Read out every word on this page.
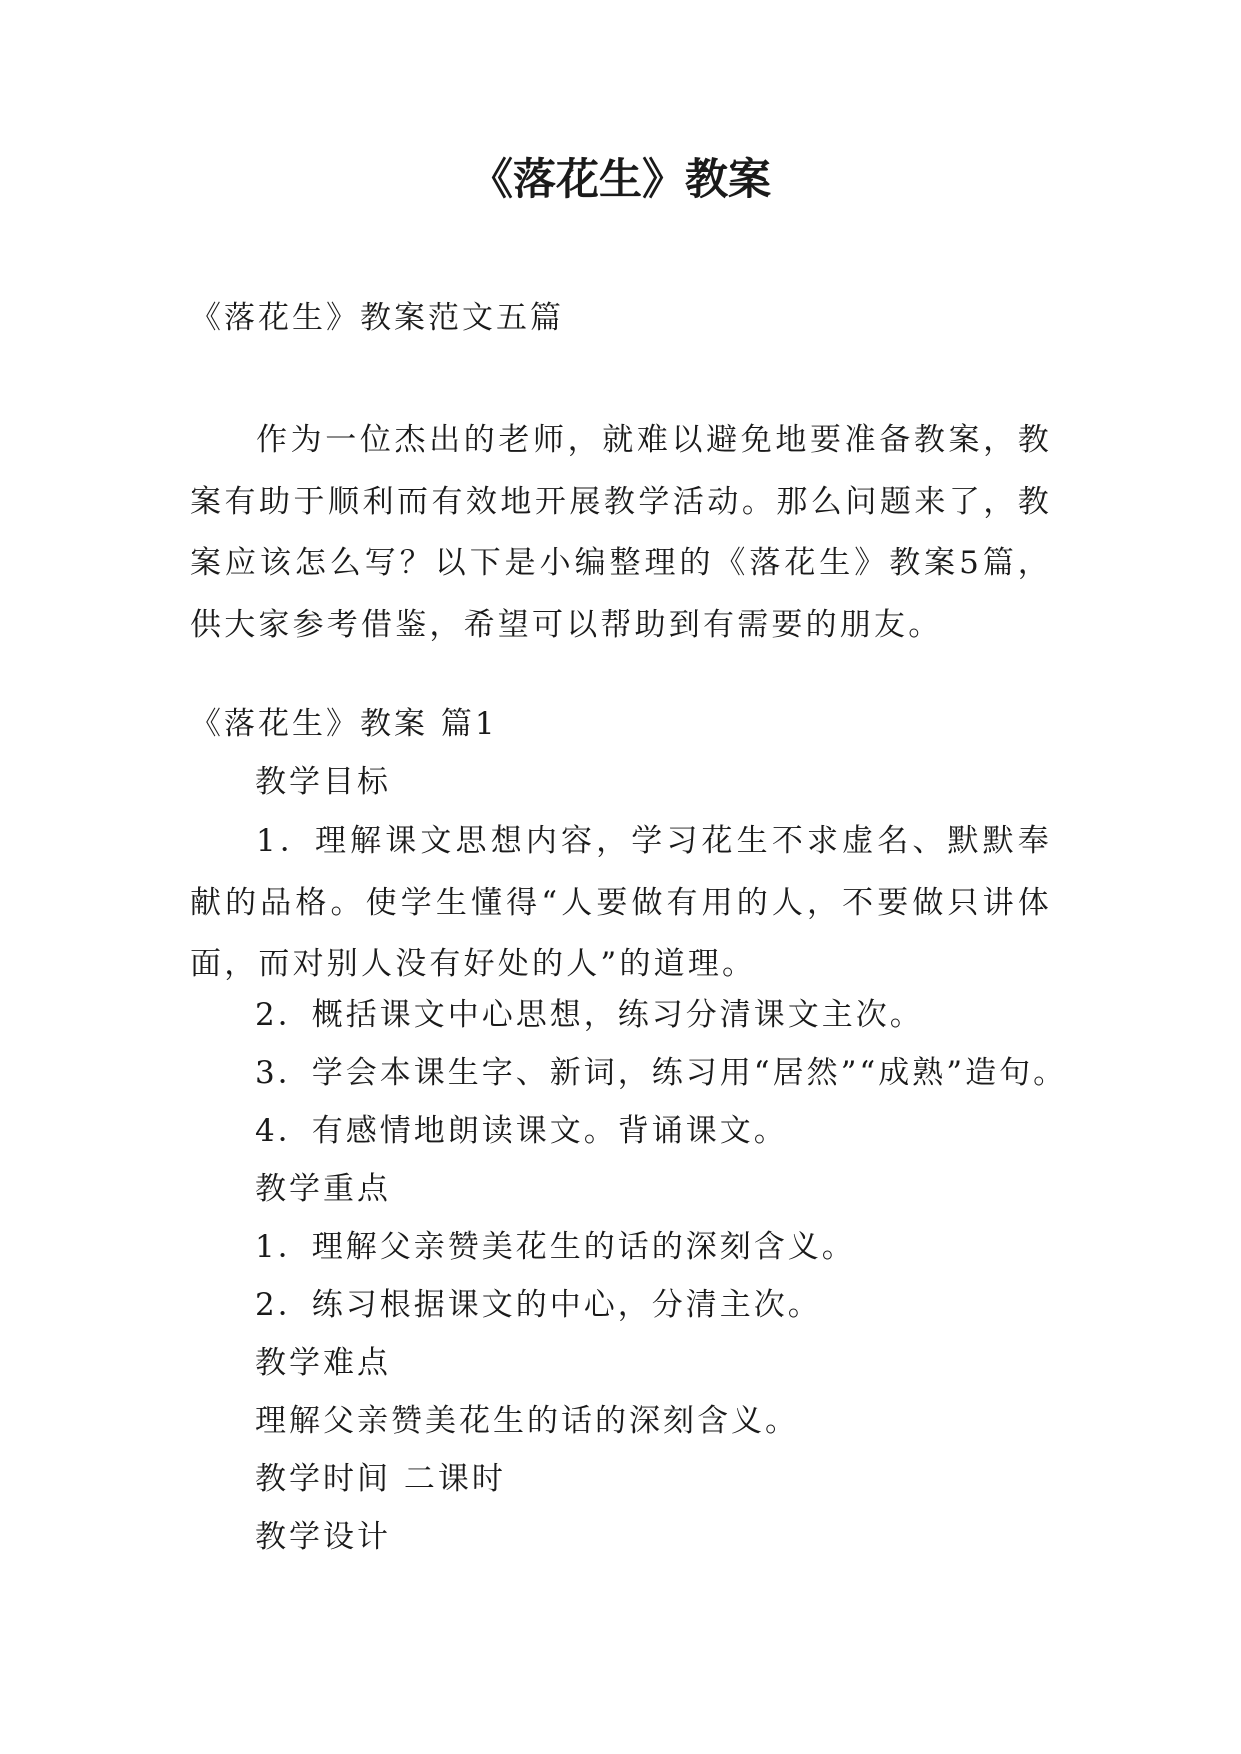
《落花生》教案
《落花生》教案范文五篇
作为一位杰出的老师，就难以避免地要准备教案，教案有助于顺利而有效地开展教学活动。那么问题来了，教案应该怎么写？以下是小编整理的《落花生》教案5篇，供大家参考借鉴，希望可以帮助到有需要的朋友。
《落花生》教案 篇1
教学目标
1．理解课文思想内容，学习花生不求虚名、默默奉献的品格。使学生懂得“人要做有用的人，不要做只讲体面，而对别人没有好处的人”的道理。
2．概括课文中心思想，练习分清课文主次。
3．学会本课生字、新词，练习用“居然”“成熟”造句。
4．有感情地朗读课文。背诵课文。
教学重点
1．理解父亲赞美花生的话的深刻含义。
2．练习根据课文的中心，分清主次。
教学难点
理解父亲赞美花生的话的深刻含义。
教学时间 二课时
教学设计
